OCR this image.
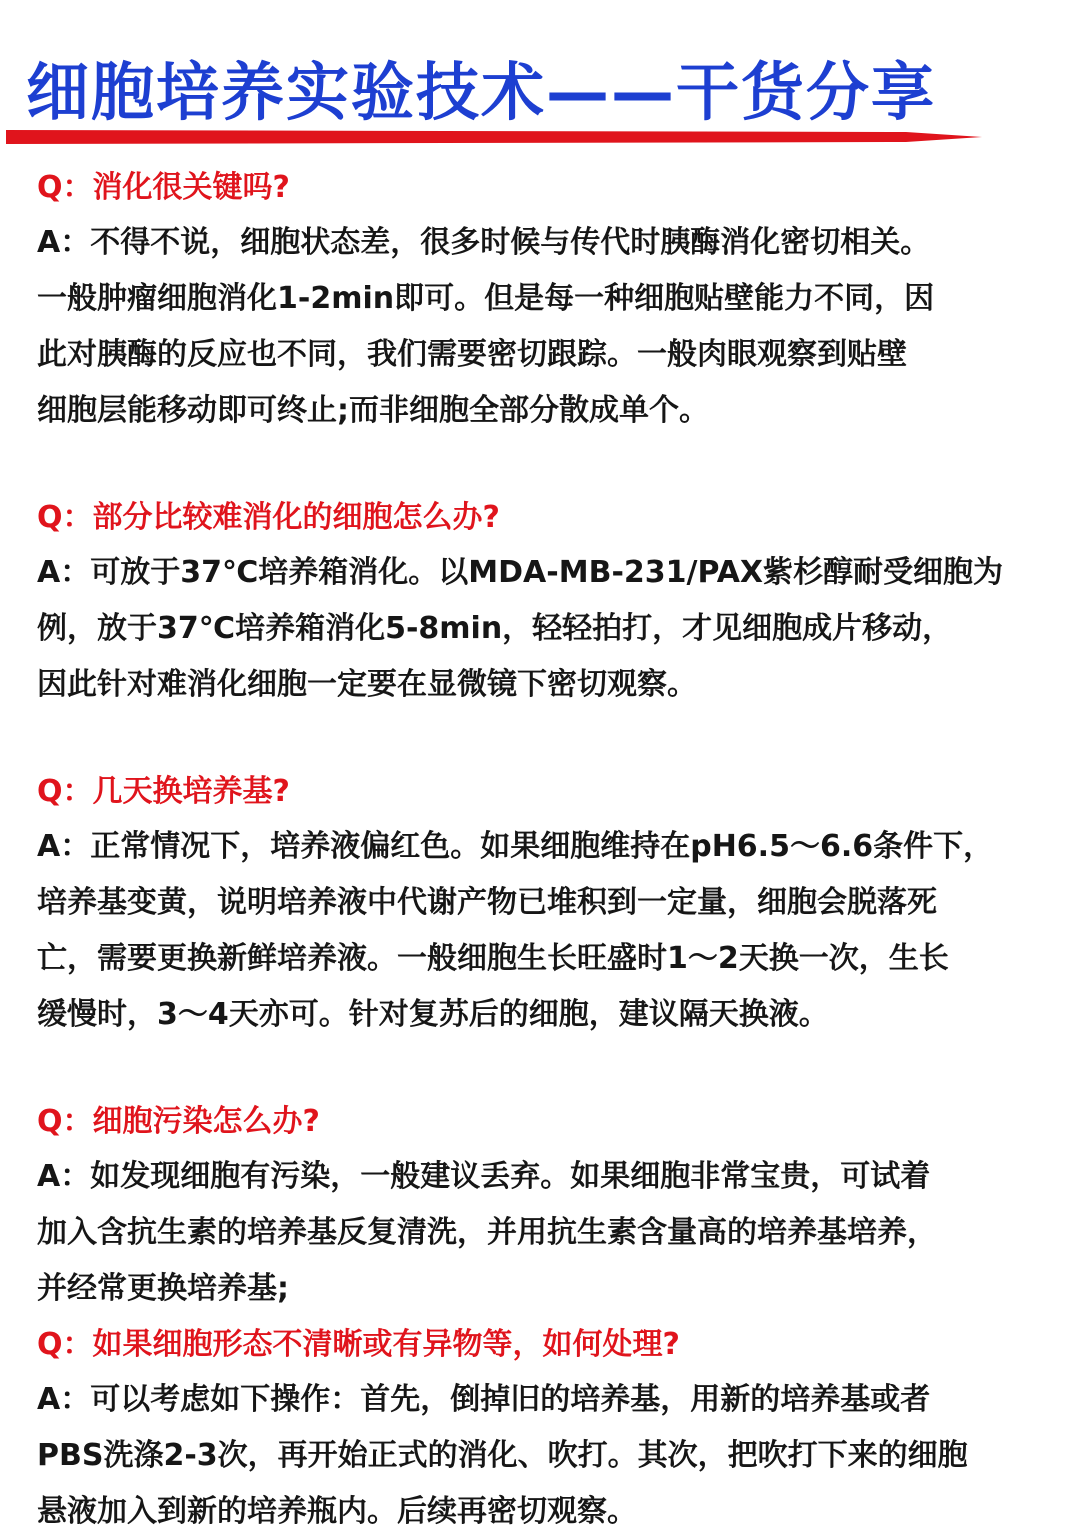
细胞培养实验技术——干货分享

Q：消化很关键吗?

A：不得不说，细胞状态差，很多时候与传代时胰酶消化密切相关。
一般肿瘤细胞消化1-2min即可。但是每一种细胞贴壁能力不同，因
此对胰酶的反应也不同，我们需要密切跟踪。一般肉眼观察到贴壁
细胞层能移动即可终止;而非细胞全部分散成单个。

Q：部分比较难消化的细胞怎么办?

A：可放于37℃培养箱消化。以MDA-MB-231/PAX紫杉醇耐受细胞为
例，放于37℃培养箱消化5-8min，轻轻拍打，才见细胞成片移动，
因此针对难消化细胞一定要在显微镜下密切观察。

Q：几天换培养基?

A：正常情况下，培养液偏红色。如果细胞维持在pH6.5～6.6条件下，
培养基变黄，说明培养液中代谢产物已堆积到一定量，细胞会脱落死
亡，需要更换新鲜培养液。一般细胞生长旺盛时1～2天换一次，生长
缓慢时，3～4天亦可。针对复苏后的细胞，建议隔天换液。

Q：细胞污染怎么办?

A：如发现细胞有污染，一般建议丢弃。如果细胞非常宝贵，可试着
加入含抗生素的培养基反复清洗，并用抗生素含量高的培养基培养，
并经常更换培养基;

Q：如果细胞形态不清晰或有异物等，如何处理?

A：可以考虑如下操作：首先，倒掉旧的培养基，用新的培养基或者
PBS洗涤2-3次，再开始正式的消化、吹打。其次，把吹打下来的细胞
悬液加入到新的培养瓶内。后续再密切观察。
